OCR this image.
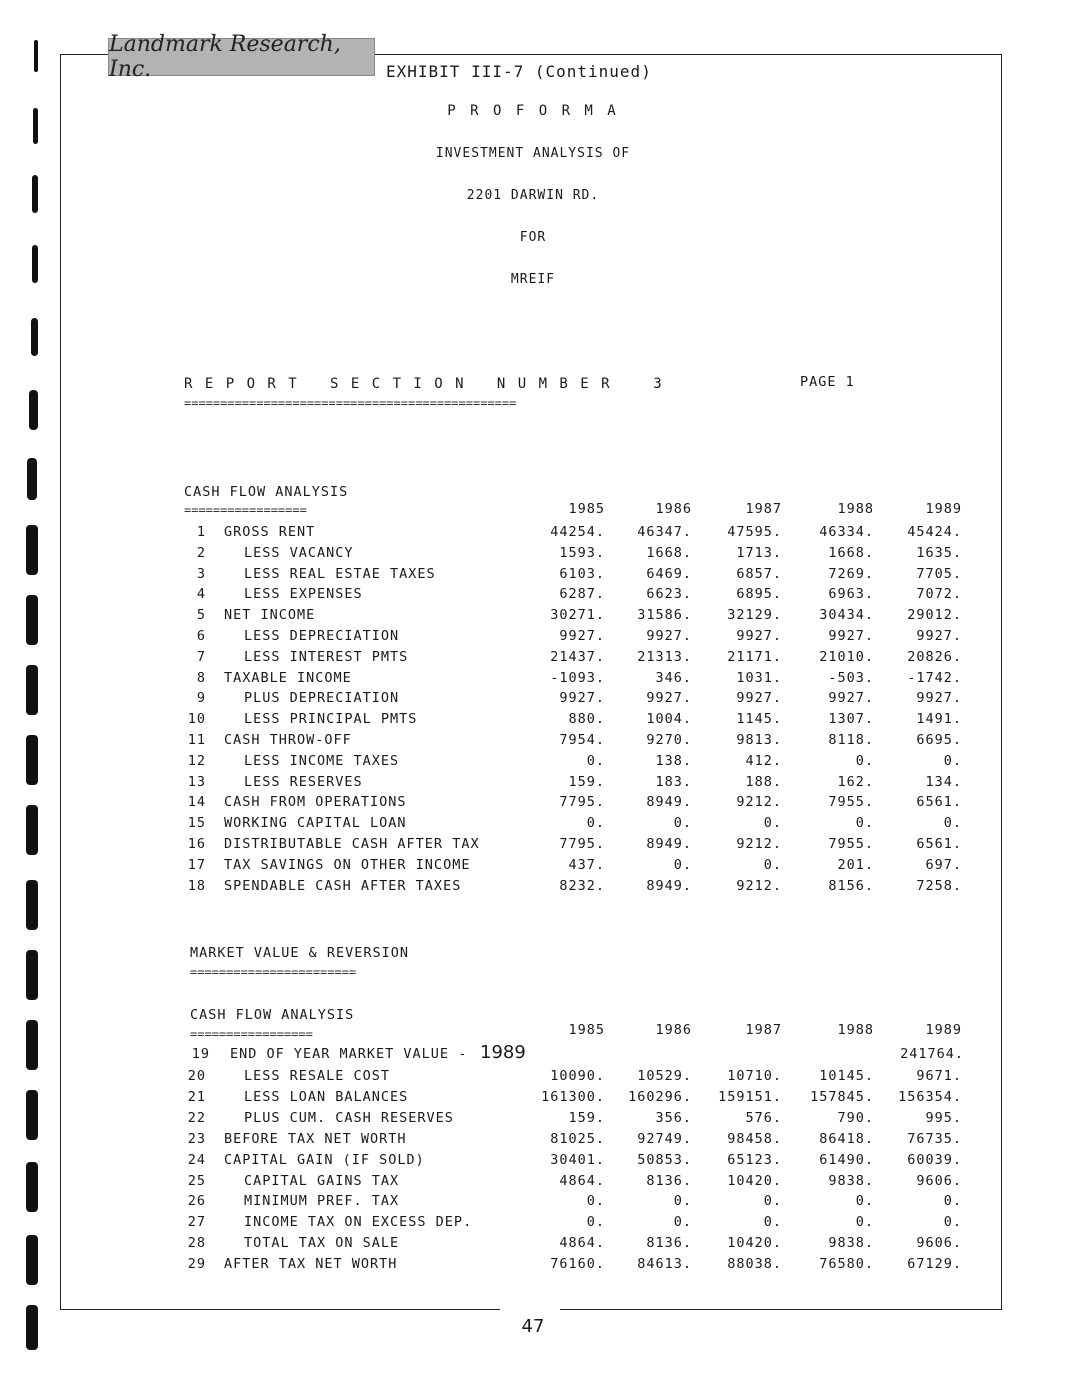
Landmark Research, Inc.	EXHIBIT III-7 (Continued)
P R O F O R M A
INVESTMENT ANALYSIS OF
2201 DARWIN RD.
FOR
MREIF
R E P O R T   S E C T I O N   N U M B E R    3	PAGE 1
==============================================
CASH FLOW ANALYSIS
=================	1985	1986	1987	1988	1989
1 GROSS RENT	44254.	46347.	47595.	46334.	45424.
2	LESS VACANCY	1593.	1668.	1713.	1668.	1635.
3	LESS REAL ESTAE TAXES	6103.	6469.	6857.	7269.	7705.
4	LESS EXPENSES	6287.	6623.	6895.	6963.	7072.
5 NET INCOME	30271.	31586.	32129.	30434.	29012.
6	LESS DEPRECIATION	9927.	9927.	9927.	9927.	9927.
7	LESS INTEREST PMTS	21437.	21313.	21171.	21010.	20826.
8 TAXABLE INCOME	-1093.	346.	1031.	-503.	-1742.
9	PLUS DEPRECIATION	9927.	9927.	9927.	9927.	9927.
10	LESS PRINCIPAL PMTS	880.	1004.	1145.	1307.	1491.
11 CASH THROW-OFF	7954.	9270.	9813.	8118.	6695.
12	LESS INCOME TAXES	0.	138.	412.	0.	0.
13	LESS RESERVES	159.	183.	188.	162.	134.
14 CASH FROM OPERATIONS	7795.	8949.	9212.	7955.	6561.
15 WORKING CAPITAL LOAN	0.	0.	0.	0.	0.
16 DISTRIBUTABLE CASH AFTER TAX	7795.	8949.	9212.	7955.	6561.
17 TAX SAVINGS ON OTHER INCOME	437.	0.	0.	201.	697.
18 SPENDABLE CASH AFTER TAXES	8232.	8949.	9212.	8156.	7258.
MARKET VALUE & REVERSION
=======================
CASH FLOW ANALYSIS
=================	1985	1986	1987	1988	1989
19 END OF YEAR MARKET VALUE - 1989	241764.
20	LESS RESALE COST	10090.	10529.	10710.	10145.	9671.
21	LESS LOAN BALANCES	161300.	160296.	159151.	157845.	156354.
22	PLUS CUM. CASH RESERVES	159.	356.	576.	790.	995.
23 BEFORE TAX NET WORTH	81025.	92749.	98458.	86418.	76735.
24 CAPITAL GAIN (IF SOLD)	30401.	50853.	65123.	61490.	60039.
25	CAPITAL GAINS TAX	4864.	8136.	10420.	9838.	9606.
26	MINIMUM PREF. TAX	0.	0.	0.	0.	0.
27	INCOME TAX ON EXCESS DEP.	0.	0.	0.	0.	0.
28	TOTAL TAX ON SALE	4864.	8136.	10420.	9838.	9606.
29 AFTER TAX NET WORTH	76160.	84613.	88038.	76580.	67129.
47
